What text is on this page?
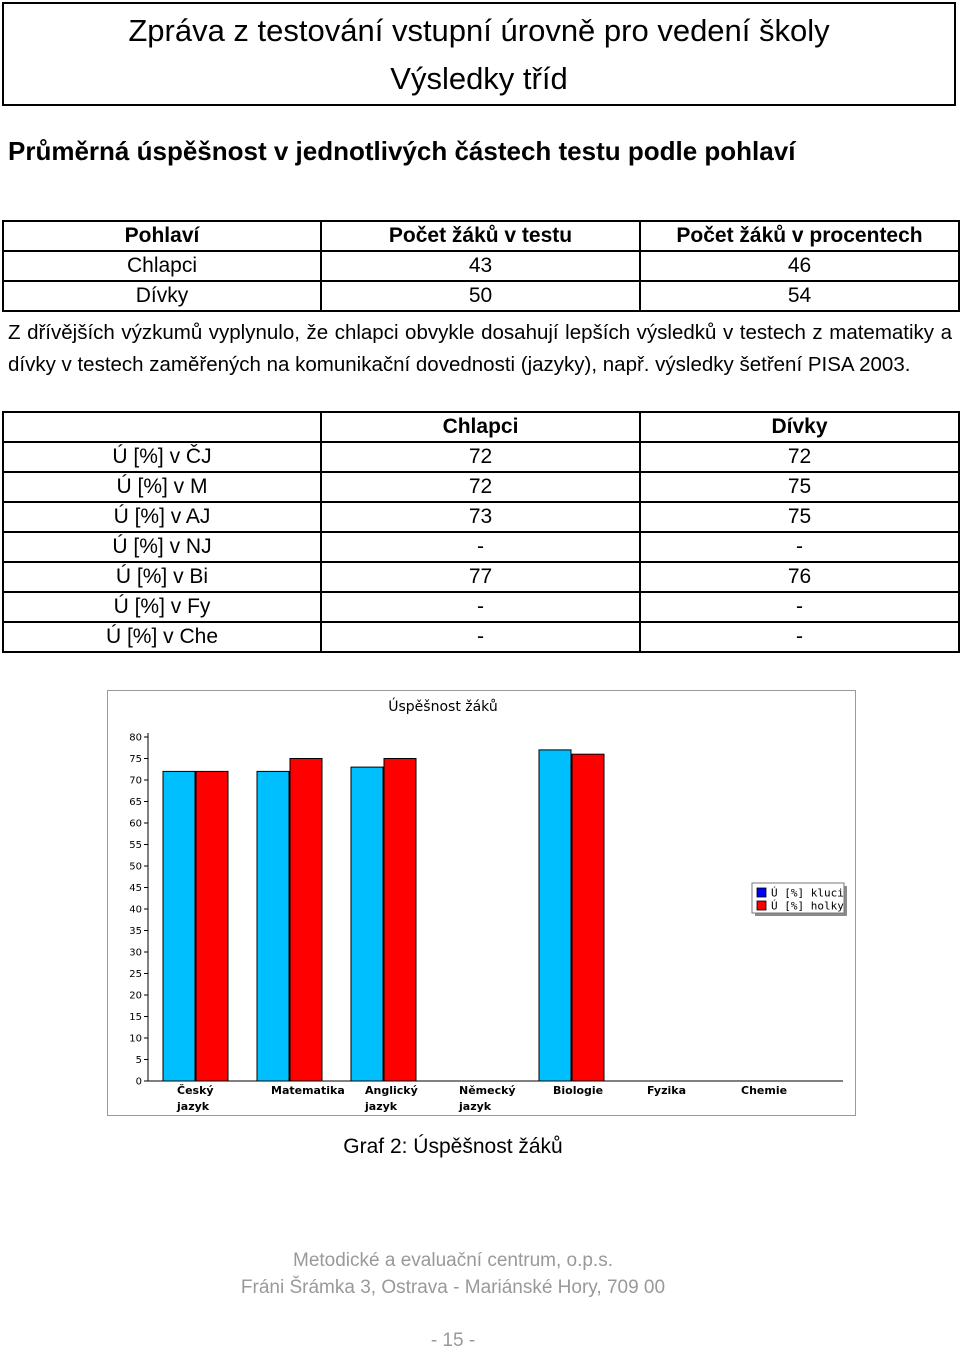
Zpráva z testování vstupní úrovně pro vedení školy
Výsledky tříd
Průměrná úspěšnost v jednotlivých částech testu podle pohlaví
Pohlaví	Počet žáků v testu	Počet žáků v procentech
Chlapci	43	46
Dívky	50	54
Z dřívějších výzkumů vyplynulo, že chlapci obvykle dosahují lepších výsledků v testech z matematiky a dívky v testech zaměřených na komunikační dovednosti (jazyky), např. výsledky šetření PISA 2003.
	Chlapci	Dívky
Ú [%] v ČJ	72	72
Ú [%] v M	72	75
Ú [%] v AJ	73	75
Ú [%] v NJ	-	-
Ú [%] v Bi	77	76
Ú [%] v Fy	-	-
Ú [%] v Che	-	-
Úspěšnost žáků
0
5
10
15
20
25
30
35
40
45
50
55
60
65
70
75
80
Český
jazyk
Matematika Anglický
jazyk
Německý
jazyk
Biologie	Fyzika	Chemie
Ú [%] kluci
Ú [%] holky
Graf 2: Úspěšnost žáků
Metodické a evaluační centrum, o.p.s.
Fráni Šrámka 3, Ostrava - Mariánské Hory, 709 00
- 15 -
